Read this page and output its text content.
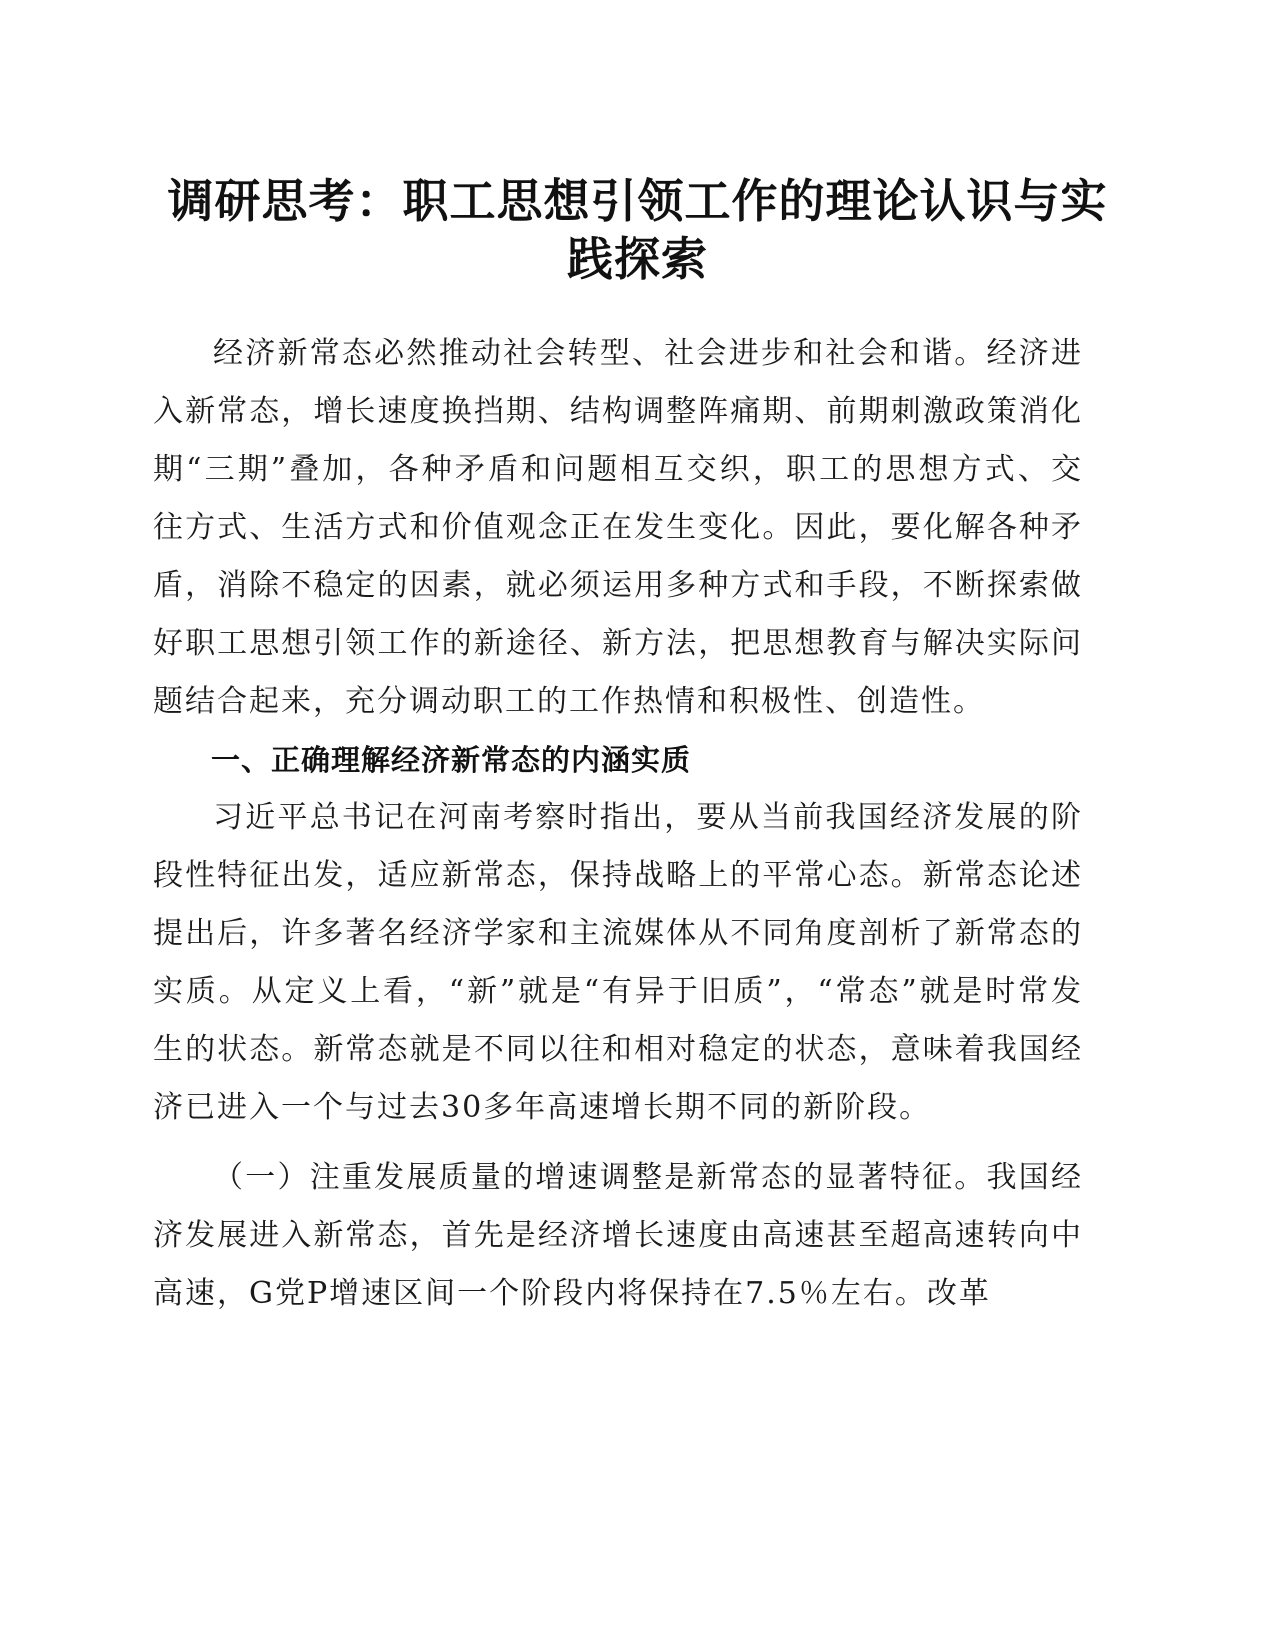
调研思考：职工思想引领工作的理论认识与实践探索

经济新常态必然推动社会转型、社会进步和社会和谐。经济进入新常态，增长速度换挡期、结构调整阵痛期、前期刺激政策消化期“三期”叠加，各种矛盾和问题相互交织，职工的思想方式、交往方式、生活方式和价值观念正在发生变化。因此，要化解各种矛盾，消除不稳定的因素，就必须运用多种方式和手段，不断探索做好职工思想引领工作的新途径、新方法，把思想教育与解决实际问题结合起来，充分调动职工的工作热情和积极性、创造性。

一、正确理解经济新常态的内涵实质

习近平总书记在河南考察时指出，要从当前我国经济发展的阶段性特征出发，适应新常态，保持战略上的平常心态。新常态论述提出后，许多著名经济学家和主流媒体从不同角度剖析了新常态的实质。从定义上看，“新”就是“有异于旧质”，“常态”就是时常发生的状态。新常态就是不同以往和相对稳定的状态，意味着我国经济已进入一个与过去30多年高速增长期不同的新阶段。

（一）注重发展质量的增速调整是新常态的显著特征。我国经济发展进入新常态，首先是经济增长速度由高速甚至超高速转向中高速，G党P增速区间一个阶段内将保持在7.5％左右。改革
